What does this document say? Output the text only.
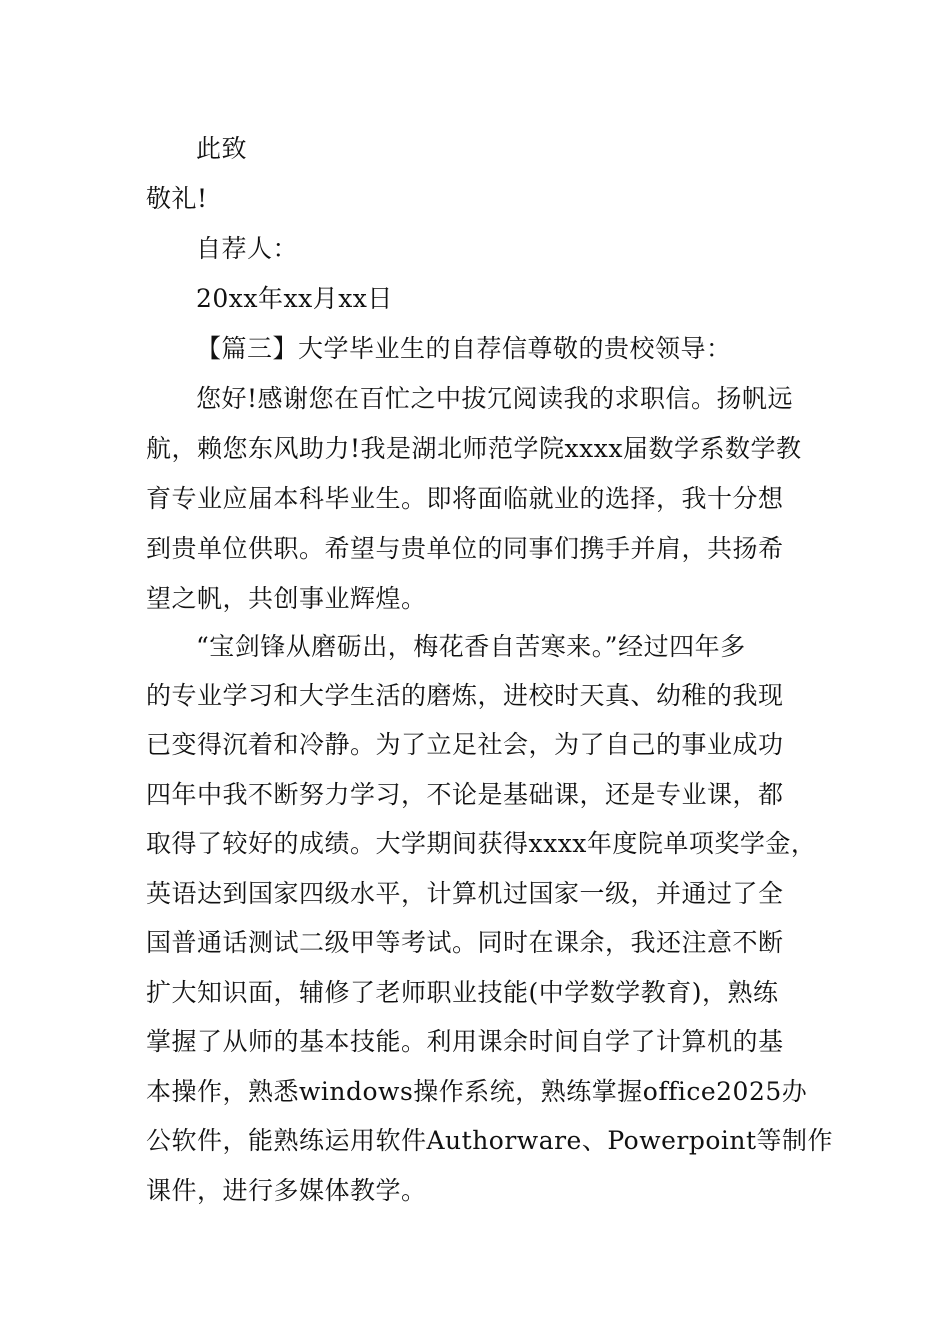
此致
敬礼!
自荐人：
20xx年xx月xx日
【篇三】大学毕业生的自荐信尊敬的贵校领导：
您好!感谢您在百忙之中拔冗阅读我的求职信。扬帆远
航，赖您东风助力!我是湖北师范学院xxxx届数学系数学教
育专业应届本科毕业生。即将面临就业的选择，我十分想
到贵单位供职。希望与贵单位的同事们携手并肩，共扬希
望之帆，共创事业辉煌。
“宝剑锋从磨砺出，梅花香自苦寒来。”经过四年多
的专业学习和大学生活的磨炼，进校时天真、幼稚的我现
已变得沉着和冷静。为了立足社会，为了自己的事业成功
四年中我不断努力学习，不论是基础课，还是专业课，都
取得了较好的成绩。大学期间获得xxxx年度院单项奖学金，
英语达到国家四级水平，计算机过国家一级，并通过了全
国普通话测试二级甲等考试。同时在课余，我还注意不断
扩大知识面，辅修了老师职业技能(中学数学教育)，熟练
掌握了从师的基本技能。利用课余时间自学了计算机的基
本操作，熟悉windows操作系统，熟练掌握office2025办
公软件，能熟练运用软件Authorware、Powerpoint等制作
课件，进行多媒体教学。
